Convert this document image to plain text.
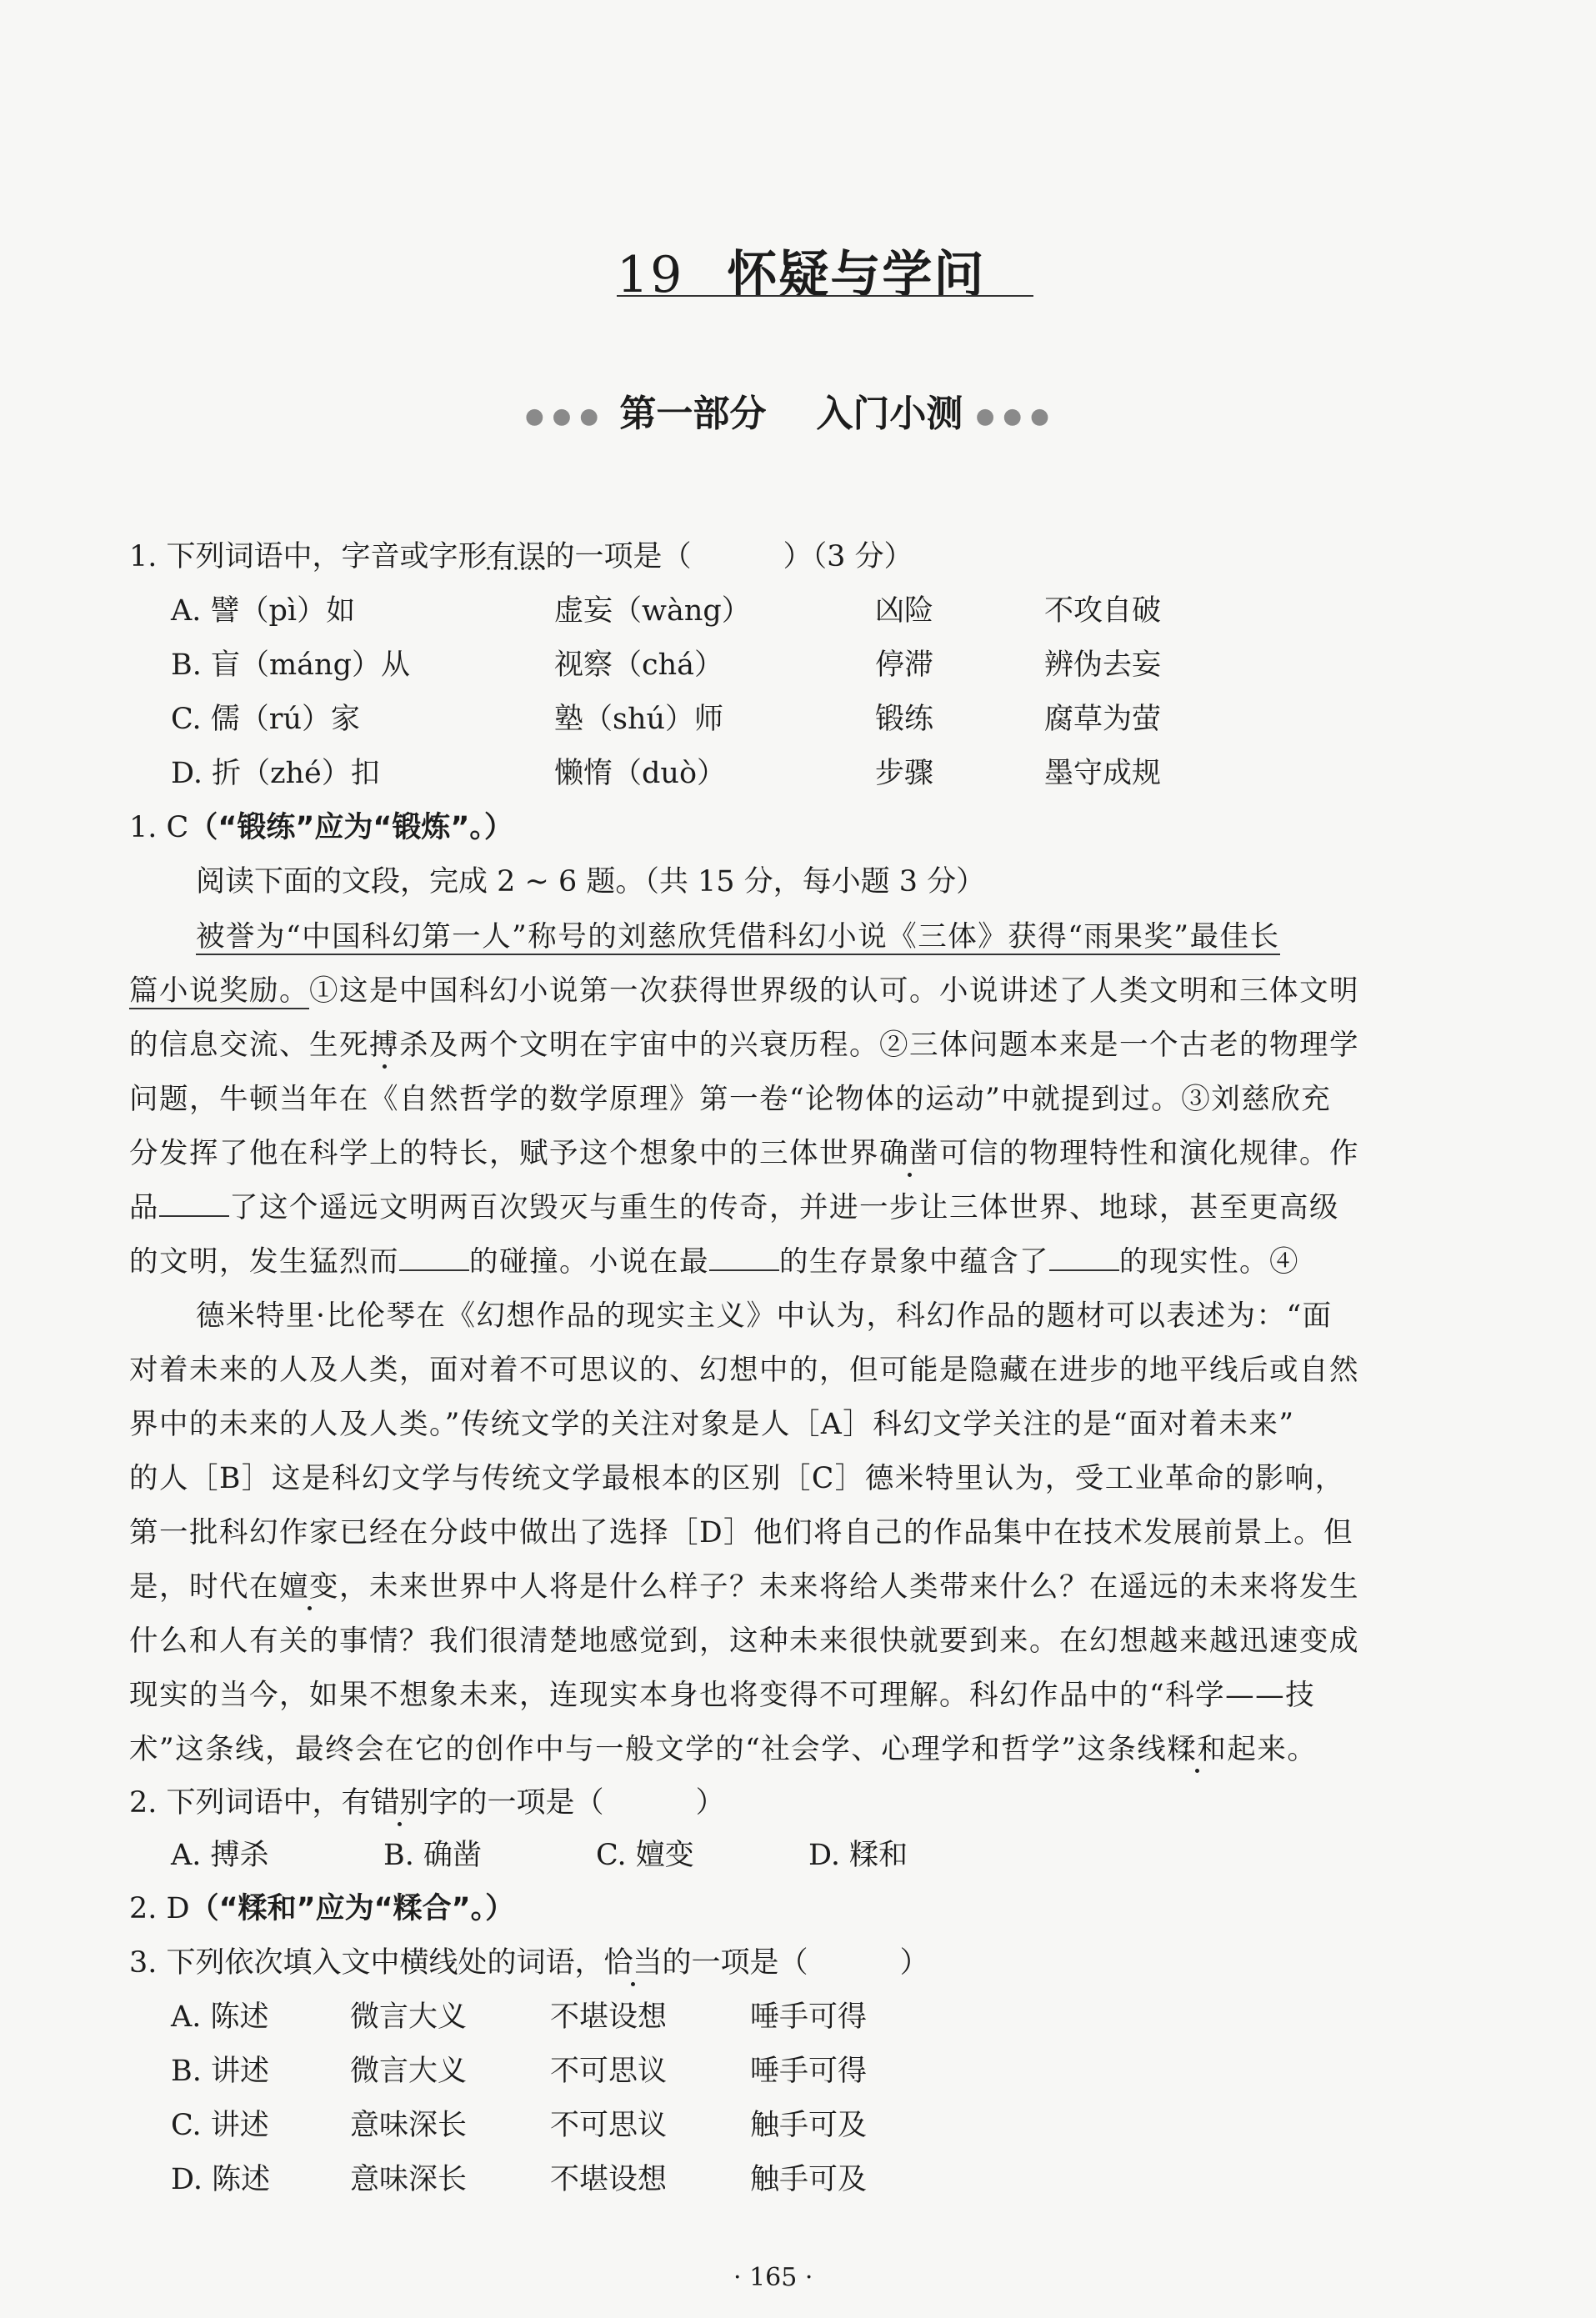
19 怀疑与学问
●●● 第一部分 入门小测 ●●●
1. 下列词语中，字音或字形有误的一项是（	）（3 分）
A. 譬（pì）如	虚妄（wàng）	凶险	不攻自破
B. 盲（máng）从	视察（chá）	停滞	辨伪去妄
C. 儒（rú）家	塾（shú）师	锻练	腐草为萤
D. 折（zhé）扣	懒惰（duò）	步骤	墨守成规
1. C（“锻练”应为“锻炼”。）
阅读下面的文段，完成 2 ~ 6 题。（共 15 分，每小题 3 分）
被誉为“中国科幻第一人”称号的刘慈欣凭借科幻小说《三体》获得“雨果奖”最佳长
篇小说奖励。①这是中国科幻小说第一次获得世界级的认可。小说讲述了人类文明和三体文明
的信息交流、生死搏杀及两个文明在宇宙中的兴衰历程。②三体问题本来是一个古老的物理学
问题，牛顿当年在《自然哲学的数学原理》第一卷“论物体的运动”中就提到过。③刘慈欣充
分发挥了他在科学上的特长，赋予这个想象中的三体世界确凿可信的物理特性和演化规律。作
品 了这个遥远文明两百次毁灭与重生的传奇，并进一步让三体世界、地球，甚至更高级
的文明，发生猛烈而 的碰撞。小说在最 的生存景象中蕴含了 的现实性。④
德米特里·比伦琴在《幻想作品的现实主义》中认为，科幻作品的题材可以表述为：“面
对着未来的人及人类，面对着不可思议的、幻想中的，但可能是隐藏在进步的地平线后或自然
界中的未来的人及人类。”传统文学的关注对象是人［A］科幻文学关注的是“面对着未来”
的人［B］这是科幻文学与传统文学最根本的区别［C］德米特里认为，受工业革命的影响，
第一批科幻作家已经在分歧中做出了选择［D］他们将自己的作品集中在技术发展前景上。但
是，时代在嬗变，未来世界中人将是什么样子？未来将给人类带来什么？在遥远的未来将发生
什么和人有关的事情？我们很清楚地感觉到，这种未来很快就要到来。在幻想越来越迅速变成
现实的当今，如果不想象未来，连现实本身也将变得不可理解。科幻作品中的“科学——技
术”这条线，最终会在它的创作中与一般文学的“社会学、心理学和哲学”这条线糅和起来。
2. 下列词语中，有错别字的一项是（	）
A. 搏杀	B. 确凿	C. 嬗变	D. 糅和
2. D（“糅和”应为“糅合”。）
3. 下列依次填入文中横线处的词语，恰当的一项是（	）
A. 陈述	微言大义	不堪设想	唾手可得
B. 讲述	微言大义	不可思议	唾手可得
C. 讲述	意味深长	不可思议	触手可及
D. 陈述	意味深长	不堪设想	触手可及
· 165 ·
